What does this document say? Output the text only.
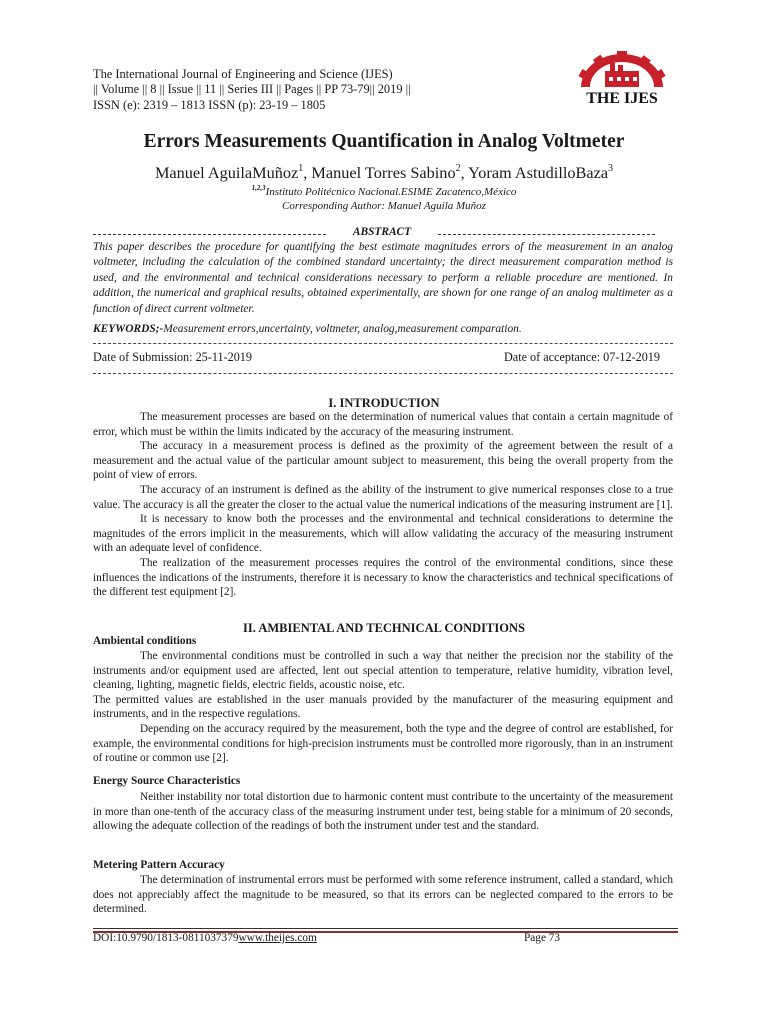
The International Journal of Engineering and Science (IJES)
|| Volume || 8 || Issue || 11 || Series III || Pages || PP 73-79|| 2019 ||
ISSN (e): 2319 – 1813 ISSN (p): 23-19 – 1805	THE IJES
Errors Measurements Quantification in Analog Voltmeter
Manuel AguilaMuñoz$^1$, Manuel Torres Sabino$^2$, Yoram AstudilloBaza$^3$
$^{1,2,3}$Instituto Politécnico Nacional.ESIME Zacatenco,México
Corresponding Author: Manuel Aguila Muñoz
ABSTRACT
This paper describes the procedure for quantifying the best estimate magnitudes errors of the measurement in an analog voltmeter, including the calculation of the combined standard uncertainty; the direct measurement comparation method is used, and the environmental and technical considerations necessary to perform a reliable procedure are mentioned. In addition, the numerical and graphical results, obtained experimentally, are shown for one range of an analog multimeter as a function of direct current voltmeter.
KEYWORDS;-Measurement errors,uncertainty, voltmeter, analog,measurement comparation.
Date of Submission: 25-11-2019	Date of acceptance: 07-12-2019
I. INTRODUCTION

The measurement processes are based on the determination of numerical values that contain a certain magnitude of error, which must be within the limits indicated by the accuracy of the measuring instrument.

The accuracy in a measurement process is defined as the proximity of the agreement between the result of a measurement and the actual value of the particular amount subject to measurement, this being the overall property from the point of view of errors.

The accuracy of an instrument is defined as the ability of the instrument to give numerical responses close to a true value. The accuracy is all the greater the closer to the actual value the numerical indications of the measuring instrument are [1].

It is necessary to know both the processes and the environmental and technical considerations to determine the magnitudes of the errors implicit in the measurements, which will allow validating the accuracy of the measuring instrument with an adequate level of confidence.

The realization of the measurement processes requires the control of the environmental conditions, since these influences the indications of the instruments, therefore it is necessary to know the characteristics and technical specifications of the different test equipment [2].

II. AMBIENTAL AND TECHNICAL CONDITIONS
Ambiental conditions

The environmental conditions must be controlled in such a way that neither the precision nor the stability of the instruments and/or equipment used are affected, lent out special attention to temperature, relative humidity, vibration level, cleaning, lighting, magnetic fields, electric fields, acoustic noise, etc.

The permitted values are established in the user manuals provided by the manufacturer of the measuring equipment and instruments, and in the respective regulations.

Depending on the accuracy required by the measurement, both the type and the degree of control are established, for example, the environmental conditions for high-precision instruments must be controlled more rigorously, than in an instrument of routine or common use [2].

Energy Source Characteristics

Neither instability nor total distortion due to harmonic content must contribute to the uncertainty of the measurement in more than one-tenth of the accuracy class of the measuring instrument under test, being stable for a minimum of 20 seconds, allowing the adequate collection of the readings of both the instrument under test and the standard.

Metering Pattern Accuracy

The determination of instrumental errors must be performed with some reference instrument, called a standard, which does not appreciably affect the magnitude to be measured, so that its errors can be neglected compared to the errors to be determined.

DOI:10.9790/1813-0811037379www.theijes.com	Page 73
